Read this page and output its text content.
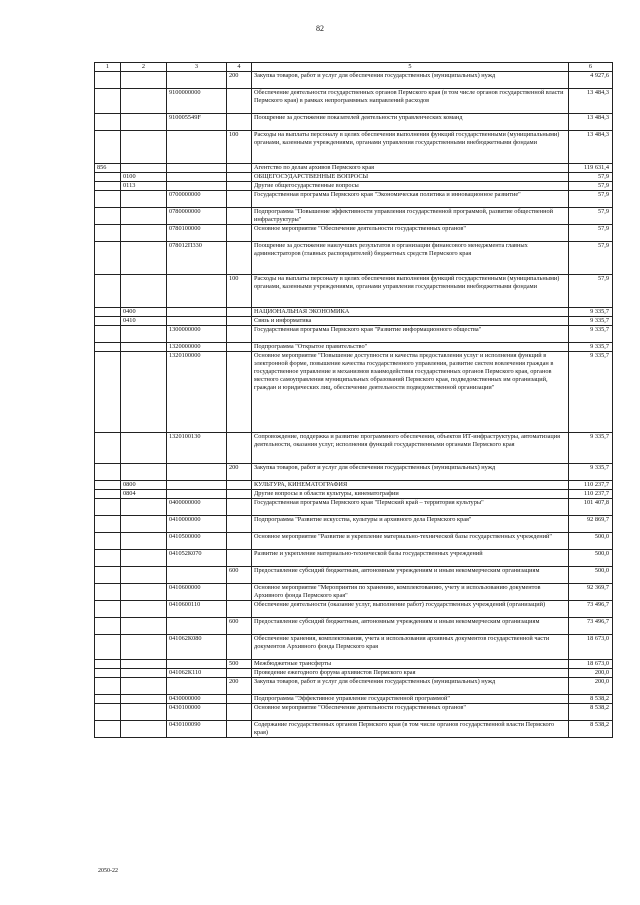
82
1	2	3	4	5	6
			200	Закупка товаров, работ и услуг для обеспечения государственных (муниципальных) нужд	4 927,6
		9100000000		Обеспечение деятельности государственных органов Пермского края (в том числе органов государственной власти Пермского края) в рамках непрограммных направлений расходов	13 484,3
		910005549F		Поощрение за достижение показателей деятельности управленческих команд	13 484,3
			100	Расходы на выплаты персоналу в целях обеспечения выполнения функций государственными (муниципальными) органами, казенными учреждениями, органами управления государственными внебюджетными фондами	13 484,3
856				Агентство по делам архивов Пермского края	119 631,4
	0100			ОБЩЕГОСУДАРСТВЕННЫЕ ВОПРОСЫ	57,9
	0113			Другие общегосударственные вопросы	57,9
		0700000000		Государственная программа Пермского края "Экономическая политика и инновационное развитие"	57,9
		0780000000		Подпрограмма "Повышение эффективности управления государственной программой, развитие общественной инфраструктуры"	57,9
		0780100000		Основное мероприятие "Обеспечение деятельности государственных органов"	57,9
		078012П330		Поощрение за достижение наилучших результатов в организации финансового менеджмента главных администраторов (главных распорядителей) бюджетных средств Пермского края	57,9
			100	Расходы на выплаты персоналу в целях обеспечения выполнения функций государственными (муниципальными) органами, казенными учреждениями, органами управления государственными внебюджетными фондами	57,9
	0400			НАЦИОНАЛЬНАЯ ЭКОНОМИКА	9 335,7
	0410			Связь и информатика	9 335,7
		1300000000		Государственная программа Пермского края "Развитие информационного общества"	9 335,7
		1320000000		Подпрограмма "Открытое правительство"	9 335,7
		1320100000		Основное мероприятие "Повышение доступности и качества предоставления услуг и исполнения функций в электронной форме, повышение качества государственного управления, развитие систем вовлечения граждан в государственное управление и механизмов взаимодействия государственных органов Пермского края, органов местного самоуправления муниципальных образований Пермского края, подведомственных им организаций, граждан и юридических лиц, обеспечение деятельности подведомственной организации"	9 335,7
		1320100130		Сопровождение, поддержка и развитие программного обеспечения, объектов ИТ-инфраструктуры, автоматизация деятельности, оказания услуг, исполнения функций государственными органами Пермского края	9 335,7
			200	Закупка товаров, работ и услуг для обеспечения государственных (муниципальных) нужд	9 335,7
	0800			КУЛЬТУРА, КИНЕМАТОГРАФИЯ	110 237,7
	0804			Другие вопросы в области культуры, кинематографии	110 237,7
		0400000000		Государственная программа Пермского края "Пермский край – территория культуры"	101 407,8
		0410000000		Подпрограмма "Развитие искусства, культуры и архивного дела Пермского края"	92 869,7
		0410500000		Основное мероприятие "Развитие и укрепление материально-технической базы государственных учреждений"	500,0
		041052К070		Развитие и укрепление материально-технической базы государственных учреждений	500,0
			600	Предоставление субсидий бюджетным, автономным учреждениям и иным некоммерческим организациям	500,0
		0410600000		Основное мероприятие "Мероприятия по хранению, комплектованию, учету и использованию документов Архивного фонда Пермского края"	92 369,7
		0410600110		Обеспечение деятельности (оказание услуг, выполнение работ) государственных учреждений (организаций)	73 496,7
			600	Предоставление субсидий бюджетным, автономным учреждениям и иным некоммерческим организациям	73 496,7
		041062К080		Обеспечение хранения, комплектования, учета и использования архивных документов государственной части документов Архивного фонда Пермского края	18 673,0
			500	Межбюджетные трансферты	18 673,0
		041062К110		Проведение ежегодного форума архивистов Пермского края	200,0
			200	Закупка товаров, работ и услуг для обеспечения государственных (муниципальных) нужд	200,0
		0430000000		Подпрограмма "Эффективное управление государственной программой"	8 538,2
		0430100000		Основное мероприятие "Обеспечение деятельности государственных органов"	8 538,2
		0430100090		Содержание государственных органов Пермского края (в том числе органов государственной власти Пермского края)	8 538,2
2050-22
